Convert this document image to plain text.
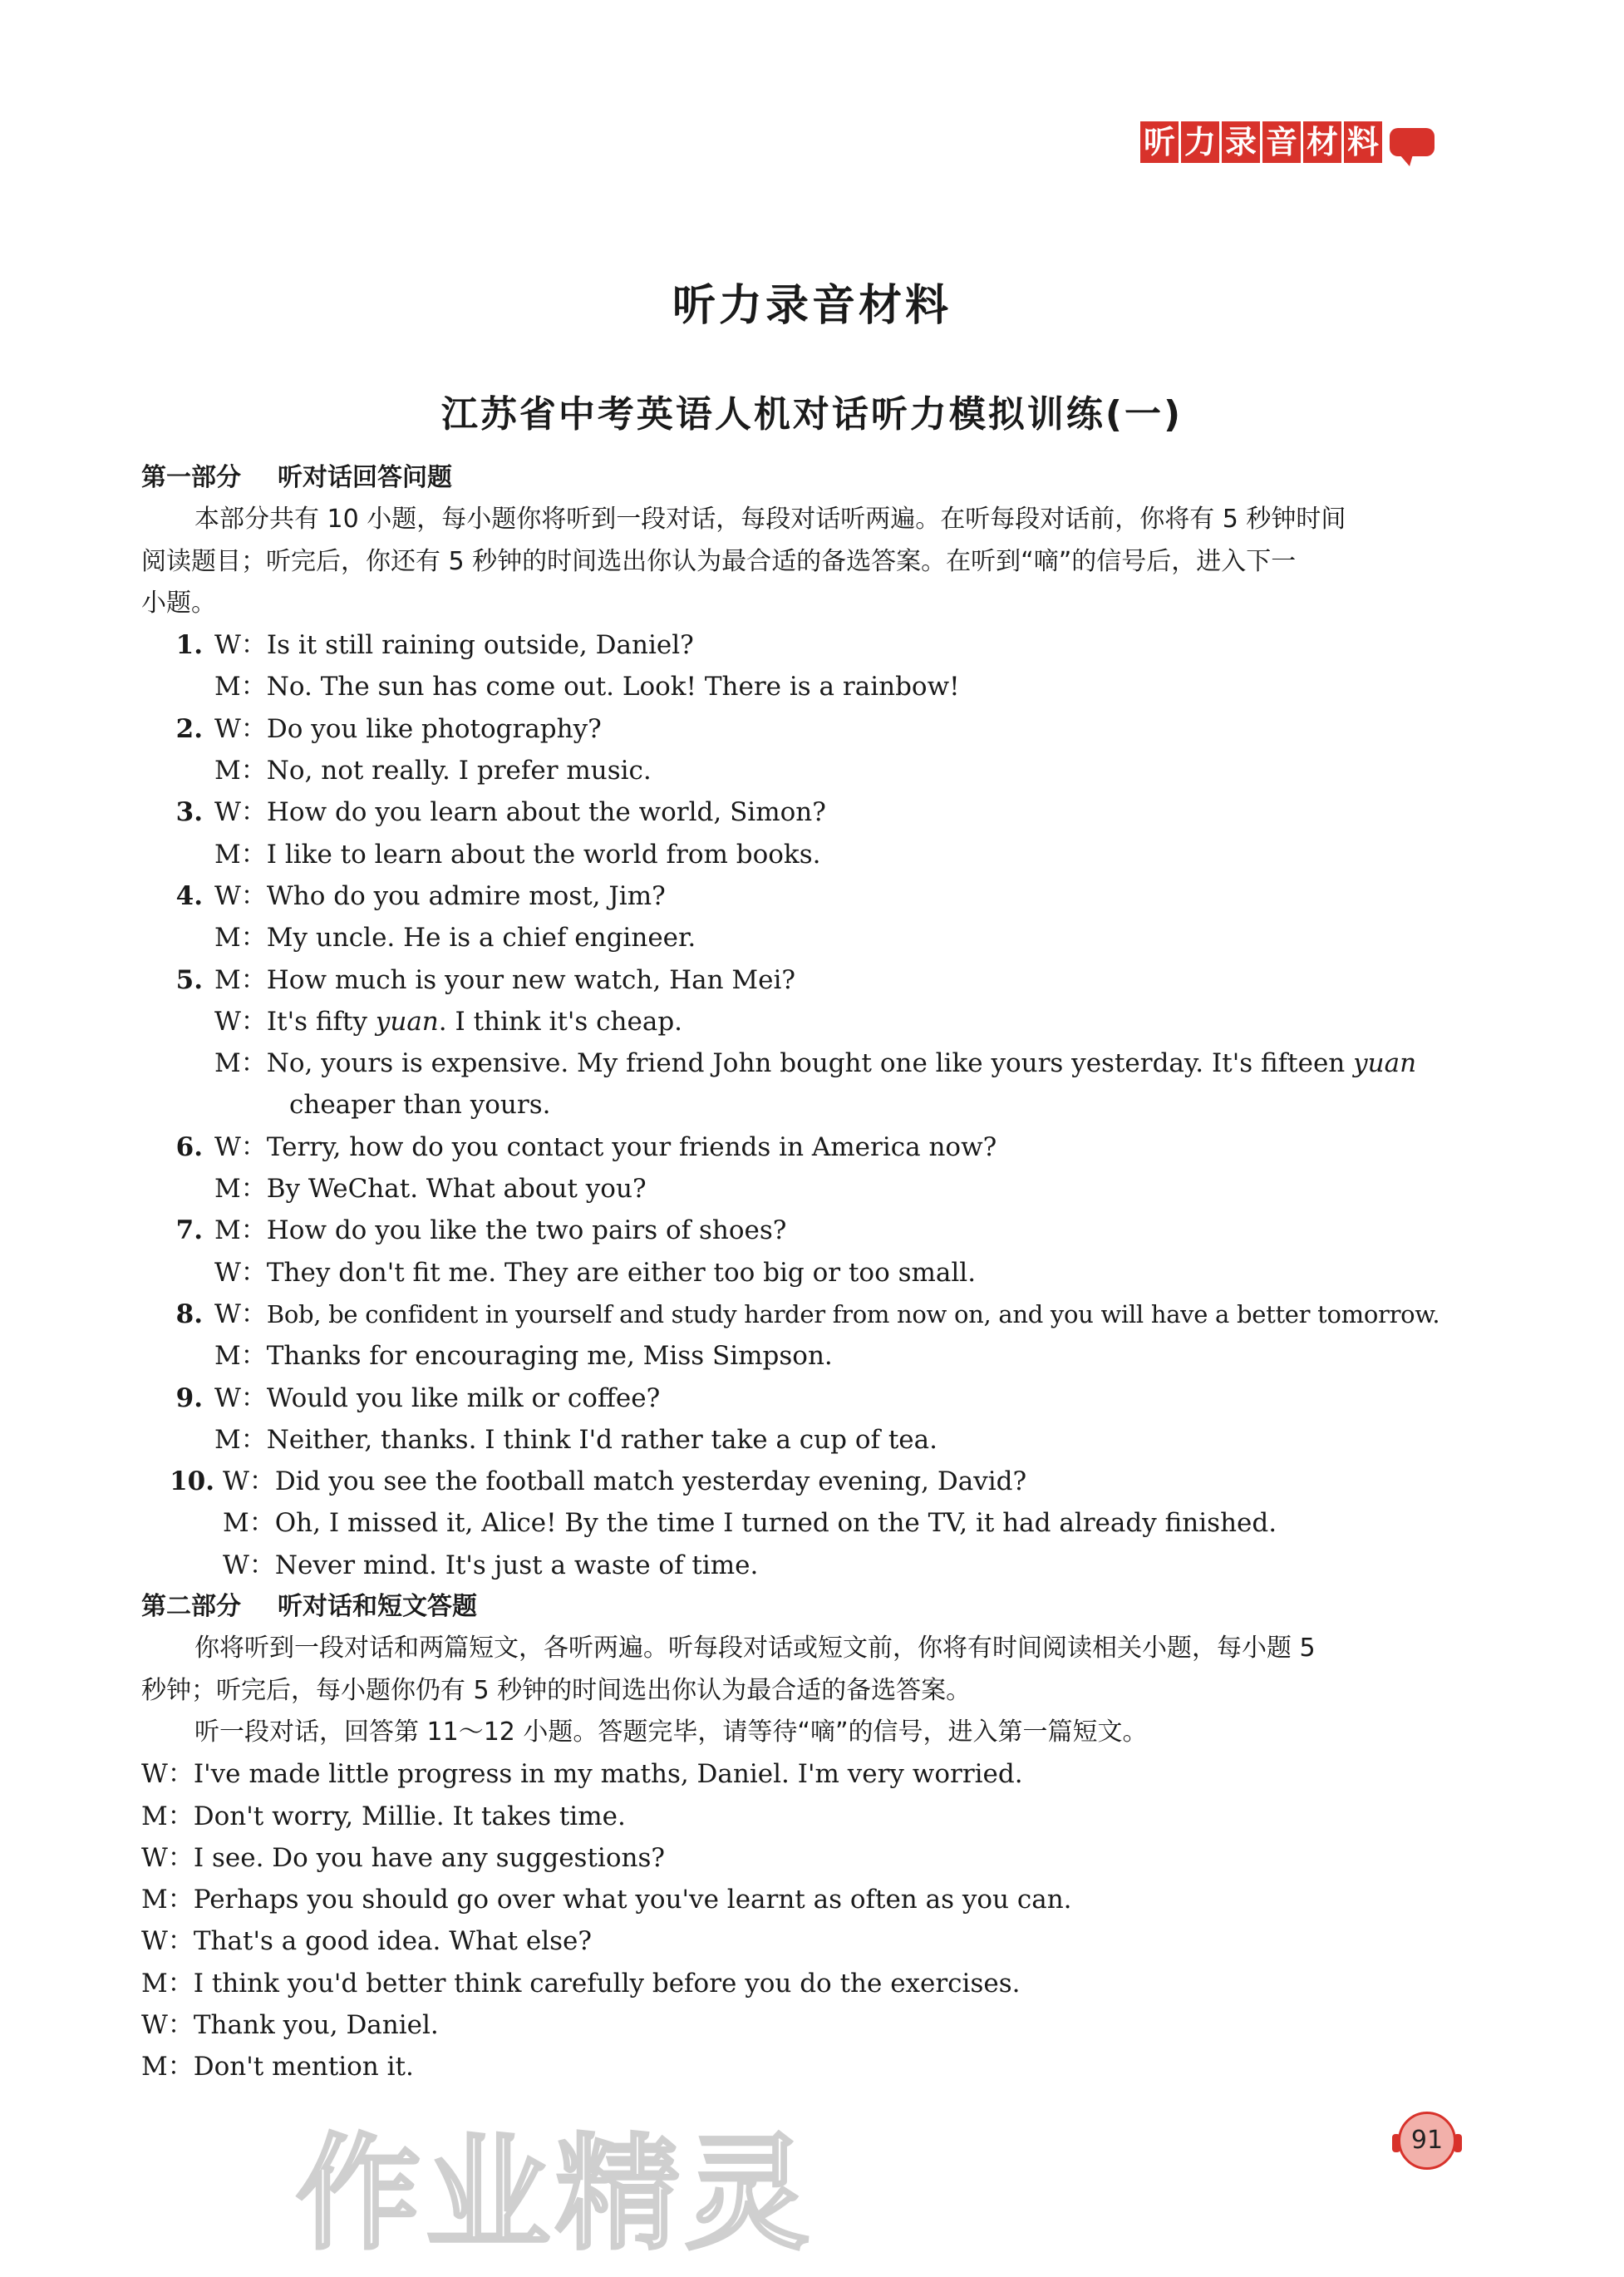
听 力 录 音 材 料
听力录音材料
江苏省中考英语人机对话听力模拟训练(一)
第一部分 听对话回答问题
本部分共有 10 小题，每小题你将听到一段对话，每段对话听两遍。在听每段对话前，你将有 5 秒钟时间
阅读题目；听完后，你还有 5 秒钟的时间选出你认为最合适的备选答案。在听到“嘀”的信号后，进入下一
小题。
1. W： Is it still raining outside, Daniel?
M： No. The sun has come out. Look! There is a rainbow!
2. W： Do you like photography?
M： No, not really. I prefer music.
3. W： How do you learn about the world, Simon?
M： I like to learn about the world from books.
4. W： Who do you admire most, Jim?
M： My uncle. He is a chief engineer.
5. M： How much is your new watch, Han Mei?
W： It's fifty yuan. I think it's cheap.
M： No, yours is expensive. My friend John bought one like yours yesterday. It's fifteen yuan
cheaper than yours.
6. W： Terry, how do you contact your friends in America now?
M： By WeChat. What about you?
7. M： How do you like the two pairs of shoes?
W： They don't fit me. They are either too big or too small.
8. W： Bob, be confident in yourself and study harder from now on, and you will have a better tomorrow.
M： Thanks for encouraging me, Miss Simpson.
9. W： Would you like milk or coffee?
M： Neither, thanks. I think I'd rather take a cup of tea.
10. W： Did you see the football match yesterday evening, David?
M： Oh, I missed it, Alice! By the time I turned on the TV, it had already finished.
W： Never mind. It's just a waste of time.
第二部分 听对话和短文答题
你将听到一段对话和两篇短文，各听两遍。听每段对话或短文前，你将有时间阅读相关小题，每小题 5
秒钟；听完后，每小题你仍有 5 秒钟的时间选出你认为最合适的备选答案。
听一段对话，回答第 11～12 小题。答题完毕，请等待“嘀”的信号，进入第一篇短文。
W：I've made little progress in my maths, Daniel. I'm very worried.
M：Don't worry, Millie. It takes time.
W：I see. Do you have any suggestions?
M：Perhaps you should go over what you've learnt as often as you can.
W：That's a good idea. What else?
M：I think you'd better think carefully before you do the exercises.
W：Thank you, Daniel.
M：Don't mention it.
作业精灵	91
